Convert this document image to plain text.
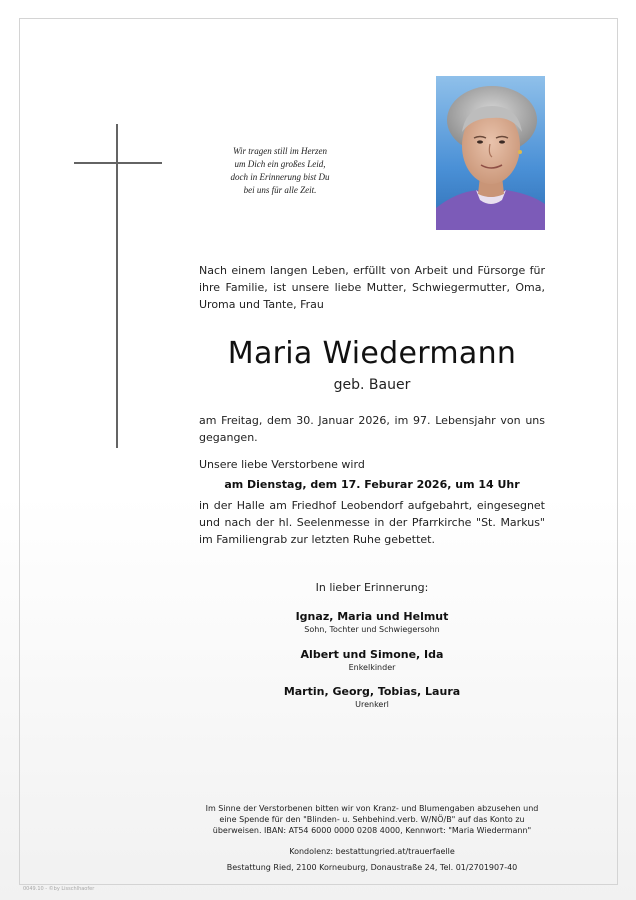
Wir tragen still im Herzen
um Dich ein großes Leid,
doch in Erinnerung bist Du
bei uns für alle Zeit.
Nach einem langen Leben, erfüllt von Arbeit und Fürsorge für ihre Familie, ist unsere liebe Mutter, Schwiegermutter, Oma, Uroma und Tante, Frau
Maria Wiedermann
geb. Bauer
am Freitag, dem 30. Januar 2026, im 97. Lebensjahr von uns gegangen.
Unsere liebe Verstorbene wird
am Dienstag, dem 17. Feburar 2026, um 14 Uhr
in der Halle am Friedhof Leobendorf aufgebahrt, eingesegnet und nach der hl. Seelenmesse in der Pfarrkirche "St. Markus" im Familiengrab zur letzten Ruhe gebettet.
In lieber Erinnerung:
Ignaz, Maria und Helmut
Sohn, Tochter und Schwiegersohn
Albert und Simone, Ida
Enkelkinder
Martin, Georg, Tobias, Laura
Urenkerl
Im Sinne der Verstorbenen bitten wir von Kranz- und Blumengaben abzusehen und
eine Spende für den "Blinden- u. Sehbehind.verb. W/NÖ/B" auf das Konto zu
überweisen. IBAN: AT54 6000 0000 0208 4000, Kennwort: "Maria Wiedermann"
Kondolenz: bestattungried.at/trauerfaelle
Bestattung Ried, 2100 Korneuburg, Donaustraße 24, Tel. 01/2701907-40
0049.10 - ©by Lisschlhaofer
